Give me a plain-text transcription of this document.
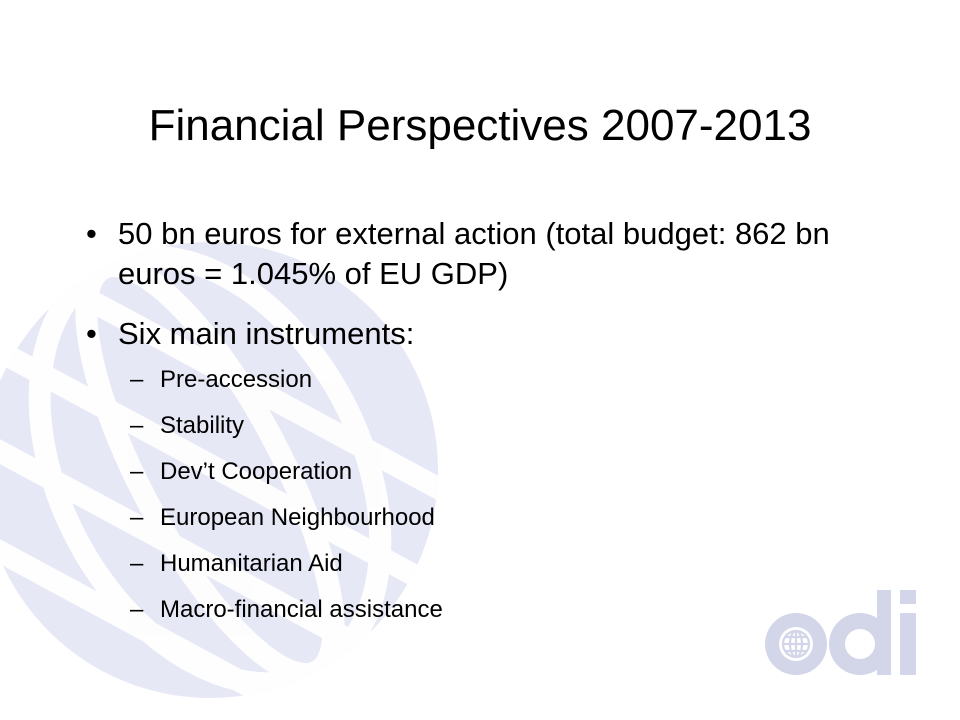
Financial Perspectives 2007-2013
• 50 bn euros for external action (total budget: 862 bn euros = 1.045% of EU GDP)
• Six main instruments:
– Pre-accession
– Stability
– Dev’t Cooperation
– European Neighbourhood
– Humanitarian Aid
– Macro-financial assistance
